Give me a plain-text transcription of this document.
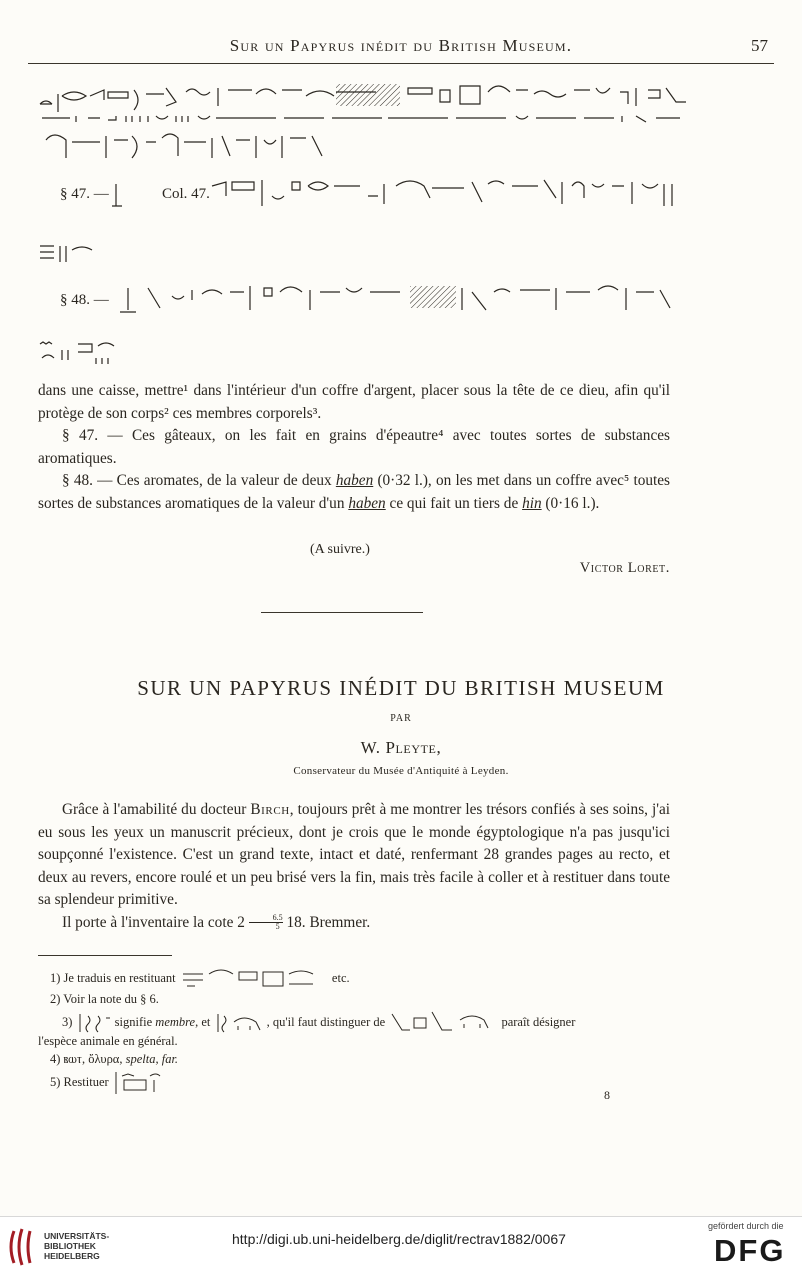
Sur un Papyrus inédit du British Museum.	57
§ 47. —	Col. 47.
§ 48. —

dans une caisse, mettre¹ dans l'intérieur d'un coffre d'argent, placer sous la tête de ce dieu, afin qu'il protège de son corps² ces membres corporels³.

§ 47. — Ces gâteaux, on les fait en grains d'épeautre⁴ avec toutes sortes de substances aromatiques.

§ 48. — Ces aromates, de la valeur de deux haben (0·32 l.), on les met dans un coffre avec⁵ toutes sortes de substances aromatiques de la valeur d'un haben ce qui fait un tiers de hin (0·16 l.).

(A suivre.)
Victor Loret.
SUR UN PAPYRUS INÉDIT DU BRITISH MUSEUM
PAR
W. Pleyte,
Conservateur du Musée d'Antiquité à Leyden.

Grâce à l'amabilité du docteur Birch, toujours prêt à me montrer les trésors confiés à ses soins, j'ai eu sous les yeux un manuscrit précieux, dont je crois que le monde égyptologique n'a pas jusqu'ici soupçonné l'existence. C'est un grand texte, intact et daté, renfermant 28 grandes pages au recto, et deux au revers, encore roulé et un peu brisé vers la fin, mais très facile à coller et à restituer dans toute sa splendeur primitive.

Il porte à l'inventaire la cote $2 \frac{6.5}{5} 18$. Bremmer.

1) Je traduis en restituant	etc.
2) Voir la note du § 6.
3)	signifie membre, et	, qu'il faut distinguer de	paraît désigner
l'espèce animale en général.
4) ⲃⲱⲧ, ὄλυρα, spelta, far.
5) Restituer
8
UNIVERSITÄTS-
BIBLIOTHEK
HEIDELBERG
http://digi.ub.uni-heidelberg.de/diglit/rectrav1882/0067
gefördert durch die
DFG
